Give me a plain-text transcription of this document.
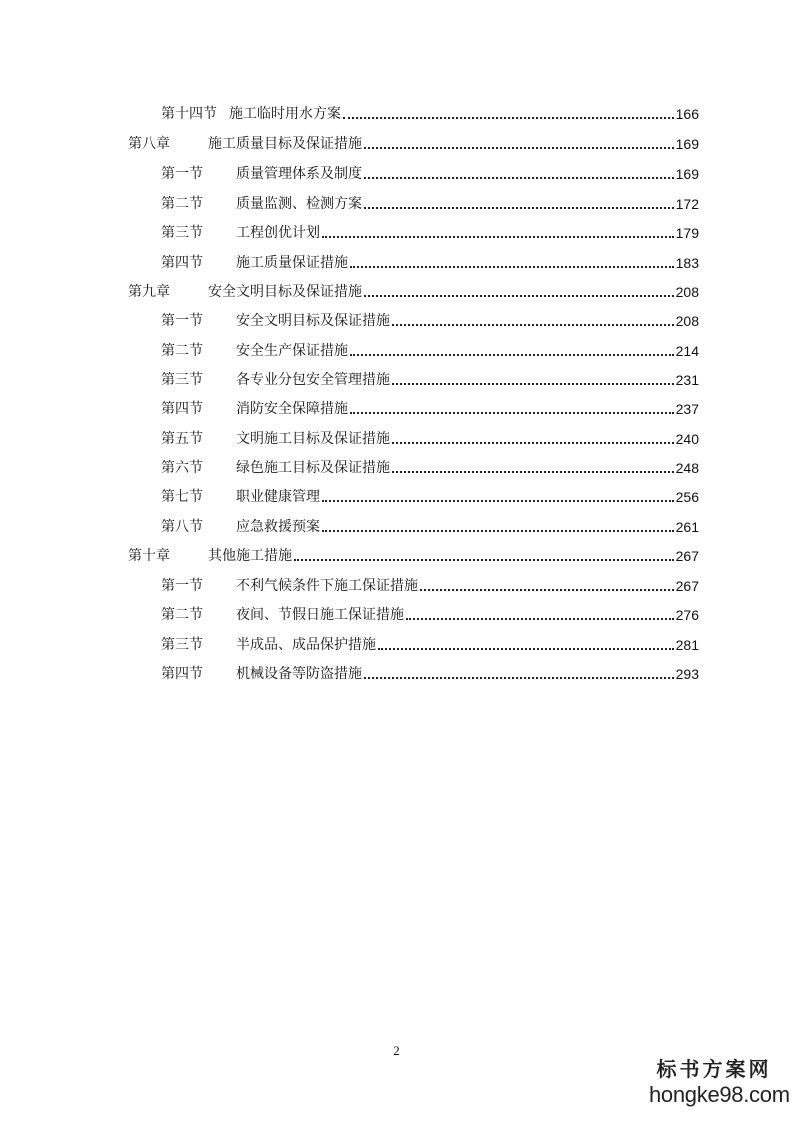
第十四节 施工临时用水方案	166
第八章	施工质量目标及保证措施	169
第一节	质量管理体系及制度	169
第二节	质量监测、检测方案	172
第三节	工程创优计划	179
第四节	施工质量保证措施	183
第九章	安全文明目标及保证措施	208
第一节	安全文明目标及保证措施	208
第二节	安全生产保证措施	214
第三节	各专业分包安全管理措施	231
第四节	消防安全保障措施	237
第五节	文明施工目标及保证措施	240
第六节	绿色施工目标及保证措施	248
第七节	职业健康管理	256
第八节	应急救援预案	261
第十章	其他施工措施	267
第一节	不利气候条件下施工保证措施	267
第二节	夜间、节假日施工保证措施	276
第三节	半成品、成品保护措施	281
第四节	机械设备等防盗措施	293
2
标书方案网
hongke98.com
